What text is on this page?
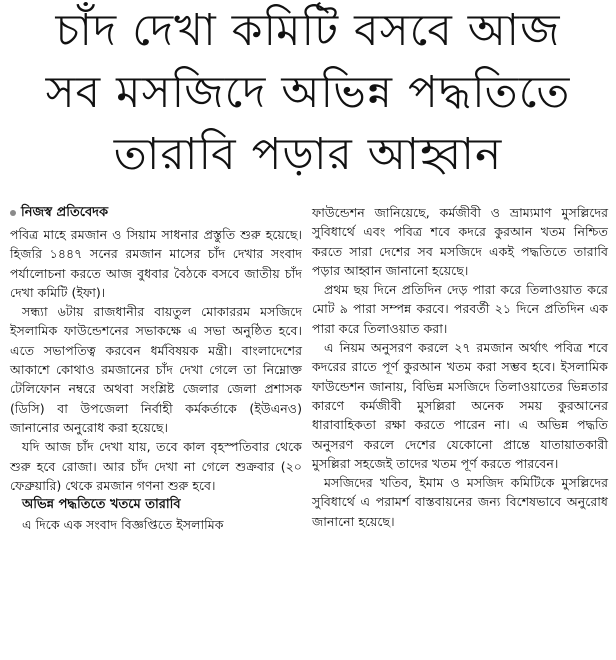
চাঁদ দেখা কমিটি বসবে আজ
সব মসজিদে অভিন্ন পদ্ধতিতে
তারাবি পড়ার আহ্বান
নিজস্ব প্রতিবেদক

পবিত্র মাহে রমজান ও সিয়াম সাধনার প্রস্তুতি শুরু হয়েছে। হিজরি ১৪৪৭ সনের রমজান মাসের চাঁদ দেখার সংবাদ পর্যালোচনা করতে আজ বুধবার বৈঠকে বসবে জাতীয় চাঁদ দেখা কমিটি (ইফা)।

সন্ধ্যা ৬টায় রাজধানীর বায়তুল মোকাররম মসজিদে ইসলামিক ফাউন্ডেশনের সভাকক্ষে এ সভা অনুষ্ঠিত হবে। এতে সভাপতিত্ব করবেন ধর্মবিষয়ক মন্ত্রী। বাংলাদেশের আকাশে কোথাও রমজানের চাঁদ দেখা গেলে তা নিম্নোক্ত টেলিফোন নম্বরে অথবা সংশ্লিষ্ট জেলার জেলা প্রশাসক (ডিসি) বা উপজেলা নির্বাহী কর্মকর্তাকে (ইউএনও) জানানোর অনুরোধ করা হয়েছে।

যদি আজ চাঁদ দেখা যায়, তবে কাল বৃহস্পতিবার থেকে শুরু হবে রোজা। আর চাঁদ দেখা না গেলে শুক্রবার (২০ ফেব্রুয়ারি) থেকে রমজান গণনা শুরু হবে।

অভিন্ন পদ্ধতিতে খতমে তারাবি

এ দিকে এক সংবাদ বিজ্ঞপ্তিতে ইসলামিক

ফাউন্ডেশন জানিয়েছে, কর্মজীবী ও ভ্রাম্যমাণ মুসল্লিদের সুবিধার্থে এবং পবিত্র শবে কদরে কুরআন খতম নিশ্চিত করতে সারা দেশের সব মসজিদে একই পদ্ধতিতে তারাবি পড়ার আহ্বান জানানো হয়েছে।

প্রথম ছয় দিনে প্রতিদিন দেড় পারা করে তিলাওয়াত করে মোট ৯ পারা সম্পন্ন করবে। পরবর্তী ২১ দিনে প্রতিদিন এক পারা করে তিলাওয়াত করা।

এ নিয়ম অনুসরণ করলে ২৭ রমজান অর্থাৎ পবিত্র শবে কদরের রাতে পূর্ণ কুরআন খতম করা সম্ভব হবে। ইসলামিক ফাউন্ডেশন জানায়, বিভিন্ন মসজিদে তিলাওয়াতের ভিন্নতার কারণে কর্মজীবী মুসল্লিরা অনেক সময় কুরআনের ধারাবাহিকতা রক্ষা করতে পারেন না। এ অভিন্ন পদ্ধতি অনুসরণ করলে দেশের যেকোনো প্রান্তে যাতায়াতকারী মুসল্লিরা সহজেই তাদের খতম পূর্ণ করতে পারবেন।

মসজিদের খতিব, ইমাম ও মসজিদ কমিটিকে মুসল্লিদের সুবিধার্থে এ পরামর্শ বাস্তবায়নের জন্য বিশেষভাবে অনুরোধ জানানো হয়েছে।
